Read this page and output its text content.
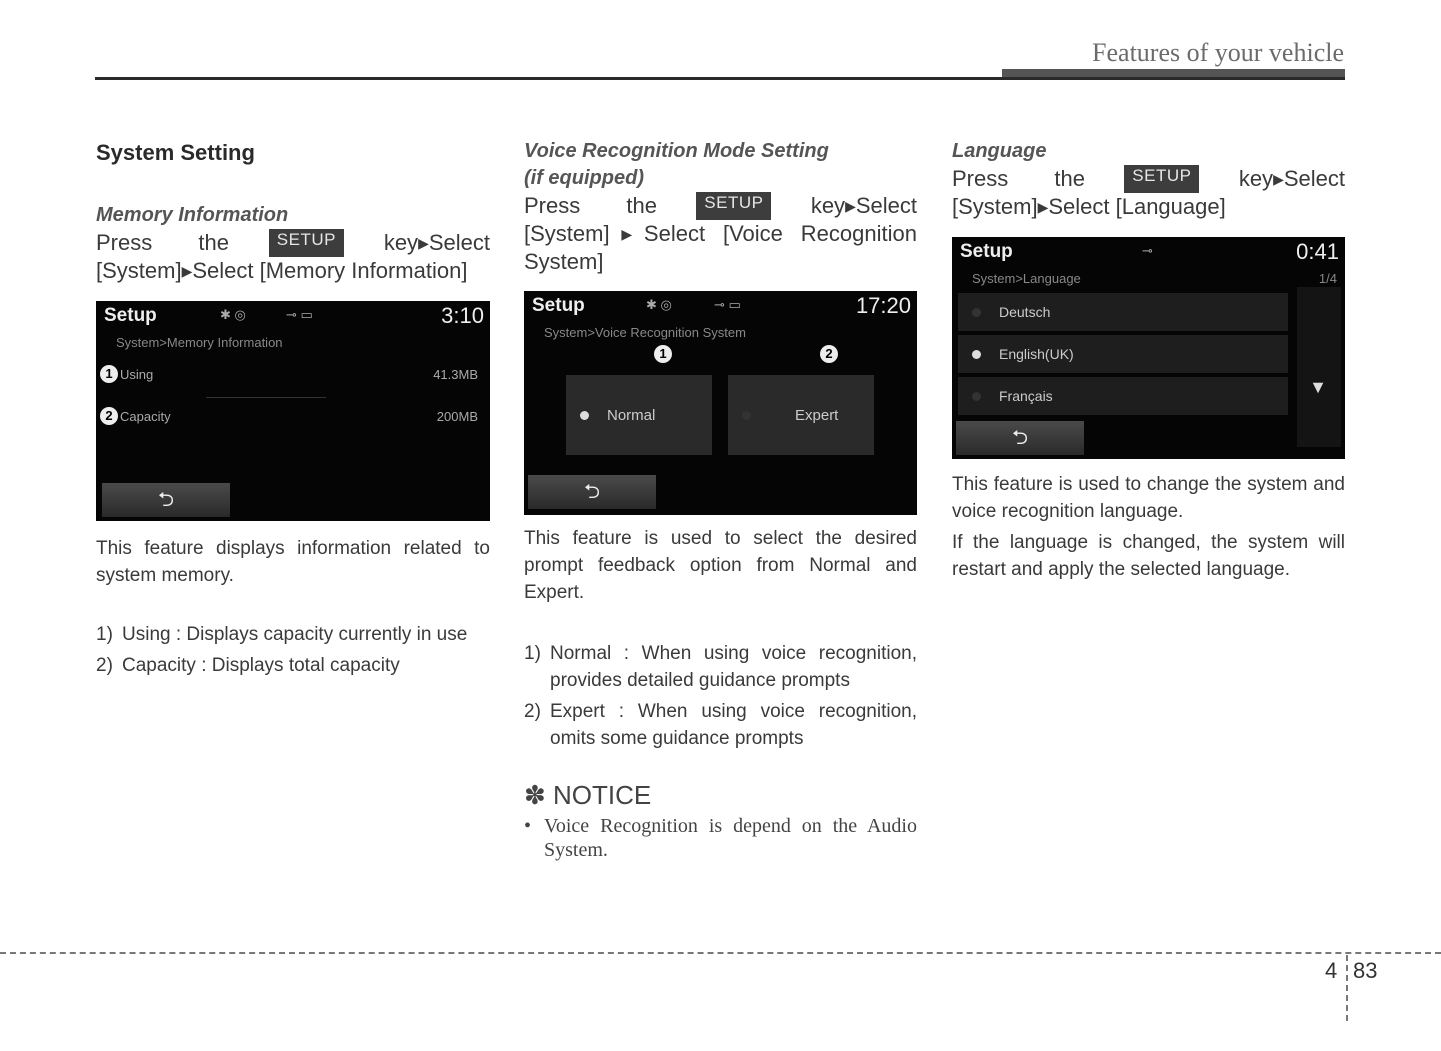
Features of your vehicle
System Setting
Memory Information
Press the	SETUP	key▶Select
[System]▶Select [Memory Information]
Setup	✱ ◎	⊸ ▭	3:10
System>Memory Information
1 Using	41.3MB
2 Capacity	200MB
⮌

This feature displays information related to system memory.

1) Using : Displays capacity currently in use
2) Capacity : Displays total capacity
Voice Recognition Mode Setting
(if equipped)
Press the	SETUP	key▶Select
[System]▶Select [Voice Recognition System]
Setup	✱ ◎	⊸ ▭	17:20
System>Voice Recognition System
1	2
Normal	Expert
⮌

This feature is used to select the desired prompt feedback option from Normal and Expert.

1) Normal : When using voice recognition, provides detailed guidance prompts
2) Expert : When using voice recognition, omits some guidance prompts
✽ NOTICE
• Voice Recognition is depend on the Audio System.
Language
Press the	SETUP	key▶Select
[System]▶Select [Language]
Setup	⊸	0:41
System>Language	1/4
Deutsch
English(UK)
Français	▼
⮌

This feature is used to change the system and voice recognition language.

If the language is changed, the system will restart and apply the selected language.

4 83
